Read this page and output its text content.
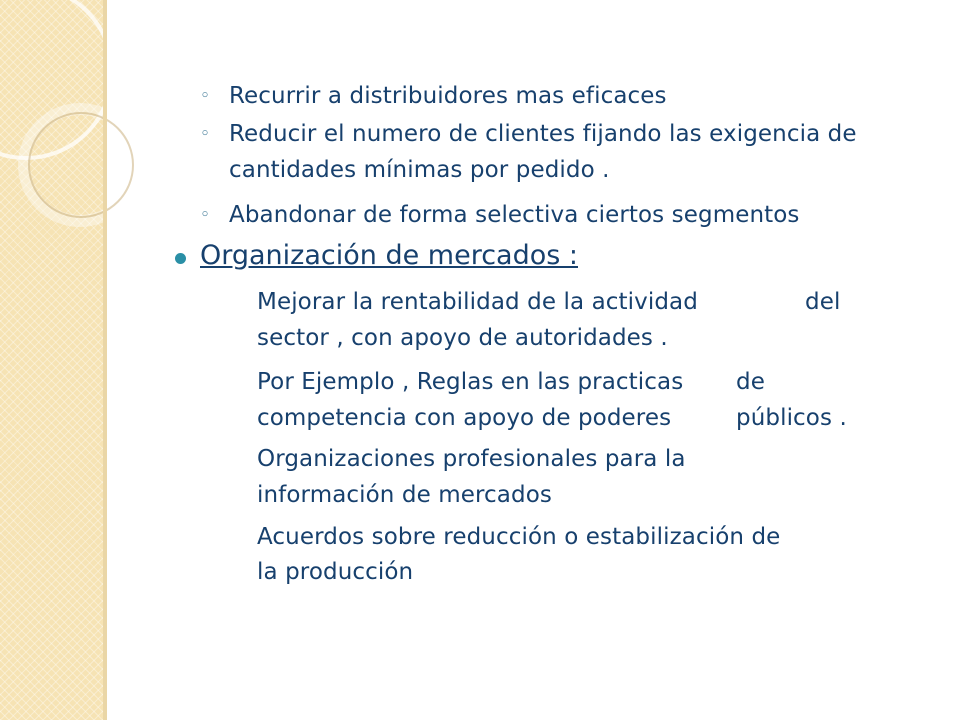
◦ Recurrir a distribuidores mas eficaces
◦ Reducir el numero de clientes fijando las exigencia de
cantidades mínimas por pedido .
◦ Abandonar de forma selectiva ciertos segmentos
Organización de mercados :
Mejorar la rentabilidad de la actividad	del
sector , con apoyo de autoridades .
Por Ejemplo , Reglas en las practicas de
competencia con apoyo de poderes	públicos .
Organizaciones profesionales para la
información de mercados
Acuerdos sobre reducción o estabilización de
la producción
